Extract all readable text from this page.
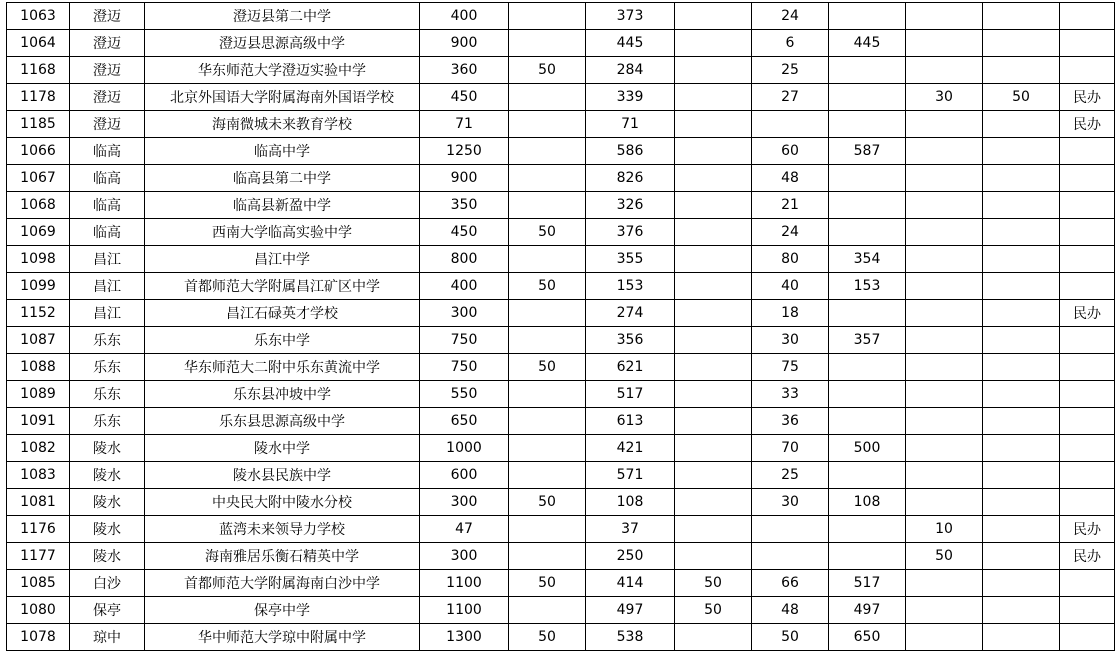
1063	澄迈	澄迈县第二中学	400		373		24				
1064	澄迈	澄迈县思源高级中学	900		445		6	445			
1168	澄迈	华东师范大学澄迈实验中学	360	50	284		25				
1178	澄迈	北京外国语大学附属海南外国语学校	450		339		27		30	50	民办
1185	澄迈	海南微城未来教育学校	71		71						民办
1066	临高	临高中学	1250		586		60	587			
1067	临高	临高县第二中学	900		826		48				
1068	临高	临高县新盈中学	350		326		21				
1069	临高	西南大学临高实验中学	450	50	376		24				
1098	昌江	昌江中学	800		355		80	354			
1099	昌江	首都师范大学附属昌江矿区中学	400	50	153		40	153			
1152	昌江	昌江石碌英才学校	300		274		18				民办
1087	乐东	乐东中学	750		356		30	357			
1088	乐东	华东师范大二附中乐东黄流中学	750	50	621		75				
1089	乐东	乐东县冲坡中学	550		517		33				
1091	乐东	乐东县思源高级中学	650		613		36				
1082	陵水	陵水中学	1000		421		70	500			
1083	陵水	陵水县民族中学	600		571		25				
1081	陵水	中央民大附中陵水分校	300	50	108		30	108			
1176	陵水	蓝湾未来领导力学校	47		37				10		民办
1177	陵水	海南雅居乐衡石精英中学	300		250				50		民办
1085	白沙	首都师范大学附属海南白沙中学	1100	50	414	50	66	517			
1080	保亭	保亭中学	1100		497	50	48	497			
1078	琼中	华中师范大学琼中附属中学	1300	50	538		50	650			
